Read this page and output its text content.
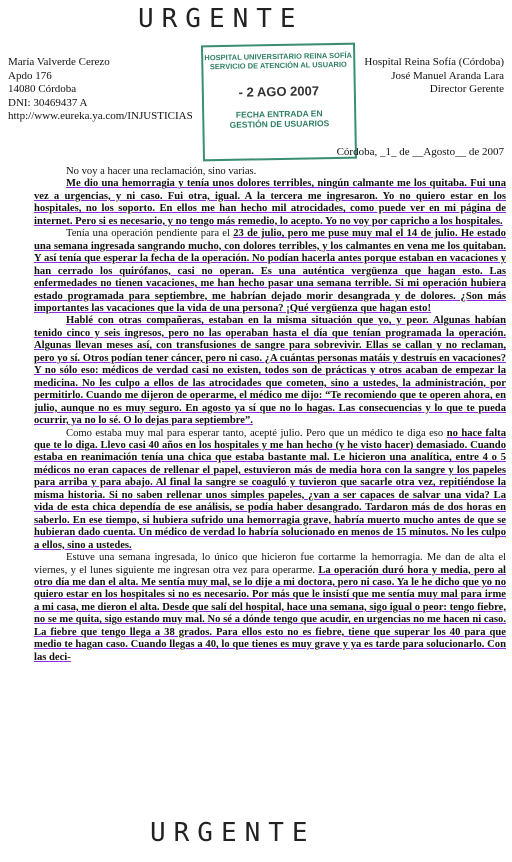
URGENTE
María Valverde Cerezo
Apdo 176
14080 Córdoba
DNI: 30469437 A
http://www.eureka.ya.com/INJUSTICIAS
HOSPITAL UNIVERSITARIO REINA SOFÍA
SERVICIO DE ATENCIÓN AL USUARIO
- 2 AGO 2007
FECHA ENTRADA EN
GESTIÓN DE USUARIOS
Hospital Reina Sofía (Córdoba)
José Manuel Aranda Lara
Director Gerente
Córdoba, _1_ de __Agosto__ de 2007

No voy a hacer una reclamación, sino varias.

Me dio una hemorragia y tenía unos dolores terribles, ningún calmante me los quitaba. Fui una vez a urgencias, y ni caso. Fui otra, igual. A la tercera me ingresaron. Yo no quiero estar en los hospitales, no los soporto. En ellos me han hecho mil atrocidades, como puede ver en mi página de internet. Pero si es necesario, y no tengo más remedio, lo acepto. Yo no voy por capricho a los hospitales.

Tenía una operación pendiente para el 23 de julio, pero me puse muy mal el 14 de julio. He estado una semana ingresada sangrando mucho, con dolores terribles, y los calmantes en vena me los quitaban. Y así tenía que esperar la fecha de la operación. No podían hacerla antes porque estaban en vacaciones y han cerrado los quirófanos, casi no operan. Es una auténtica vergüenza que hagan esto. Las enfermedades no tienen vacaciones, me han hecho pasar una semana terrible. Si mi operación hubiera estado programada para septiembre, me habrían dejado morir desangrada y de dolores. ¿Son más importantes las vacaciones que la vida de una persona? ¡Qué vergüenza que hagan esto!

Hablé con otras compañeras, estaban en la misma situación que yo, y peor. Algunas habían tenido cinco y seis ingresos, pero no las operaban hasta el día que tenían programada la operación. Algunas llevan meses así, con transfusiones de sangre para sobrevivir. Ellas se callan y no reclaman, pero yo sí. Otros podían tener cáncer, pero ni caso. ¿A cuántas personas matáis y destruís en vacaciones? Y no sólo eso: médicos de verdad casi no existen, todos son de prácticas y otros acaban de empezar la medicina. No les culpo a ellos de las atrocidades que cometen, sino a ustedes, la administración, por permitirlo. Cuando me dijeron de operarme, el médico me dijo: “Te recomiendo que te operen ahora, en julio, aunque no es muy seguro. En agosto ya sí que no lo hagas. Las consecuencias y lo que te pueda ocurrir, ya no lo sé. O lo dejas para septiembre”.

Como estaba muy mal para esperar tanto, acepté julio. Pero que un médico te diga eso no hace falta que te lo diga. Llevo casi 40 años en los hospitales y me han hecho (y he visto hacer) demasiado. Cuando estaba en reanimación tenía una chica que estaba bastante mal. Le hicieron una analítica, entre 4 o 5 médicos no eran capaces de rellenar el papel, estuvieron más de media hora con la sangre y los papeles para arriba y para abajo. Al final la sangre se coaguló y tuvieron que sacarle otra vez, repitiéndose la misma historia. Si no saben rellenar unos simples papeles, ¿van a ser capaces de salvar una vida? La vida de esta chica dependía de ese análisis, se podía haber desangrado. Tardaron más de dos horas en saberlo. En ese tiempo, si hubiera sufrido una hemorragia grave, habría muerto mucho antes de que se hubieran dado cuenta. Un médico de verdad lo habría solucionado en menos de 15 minutos. No les culpo a ellos, sino a ustedes.

Estuve una semana ingresada, lo único que hicieron fue cortarme la hemorragia. Me dan de alta el viernes, y el lunes siguiente me ingresan otra vez para operarme. La operación duró hora y media, pero al otro día me dan el alta. Me sentía muy mal, se lo dije a mi doctora, pero ni caso. Ya le he dicho que yo no quiero estar en los hospitales si no es necesario. Por más que le insistí que me sentía muy mal para irme a mi casa, me dieron el alta. Desde que salí del hospital, hace una semana, sigo igual o peor: tengo fiebre, no se me quita, sigo estando muy mal. No sé a dónde tengo que acudir, en urgencias no me hacen ni caso. La fiebre que tengo llega a 38 grados. Para ellos esto no es fiebre, tiene que superar los 40 para que medio te hagan caso. Cuando llegas a 40, lo que tienes es muy grave y ya es tarde para solucionarlo. Con las deci-

URGENTE
